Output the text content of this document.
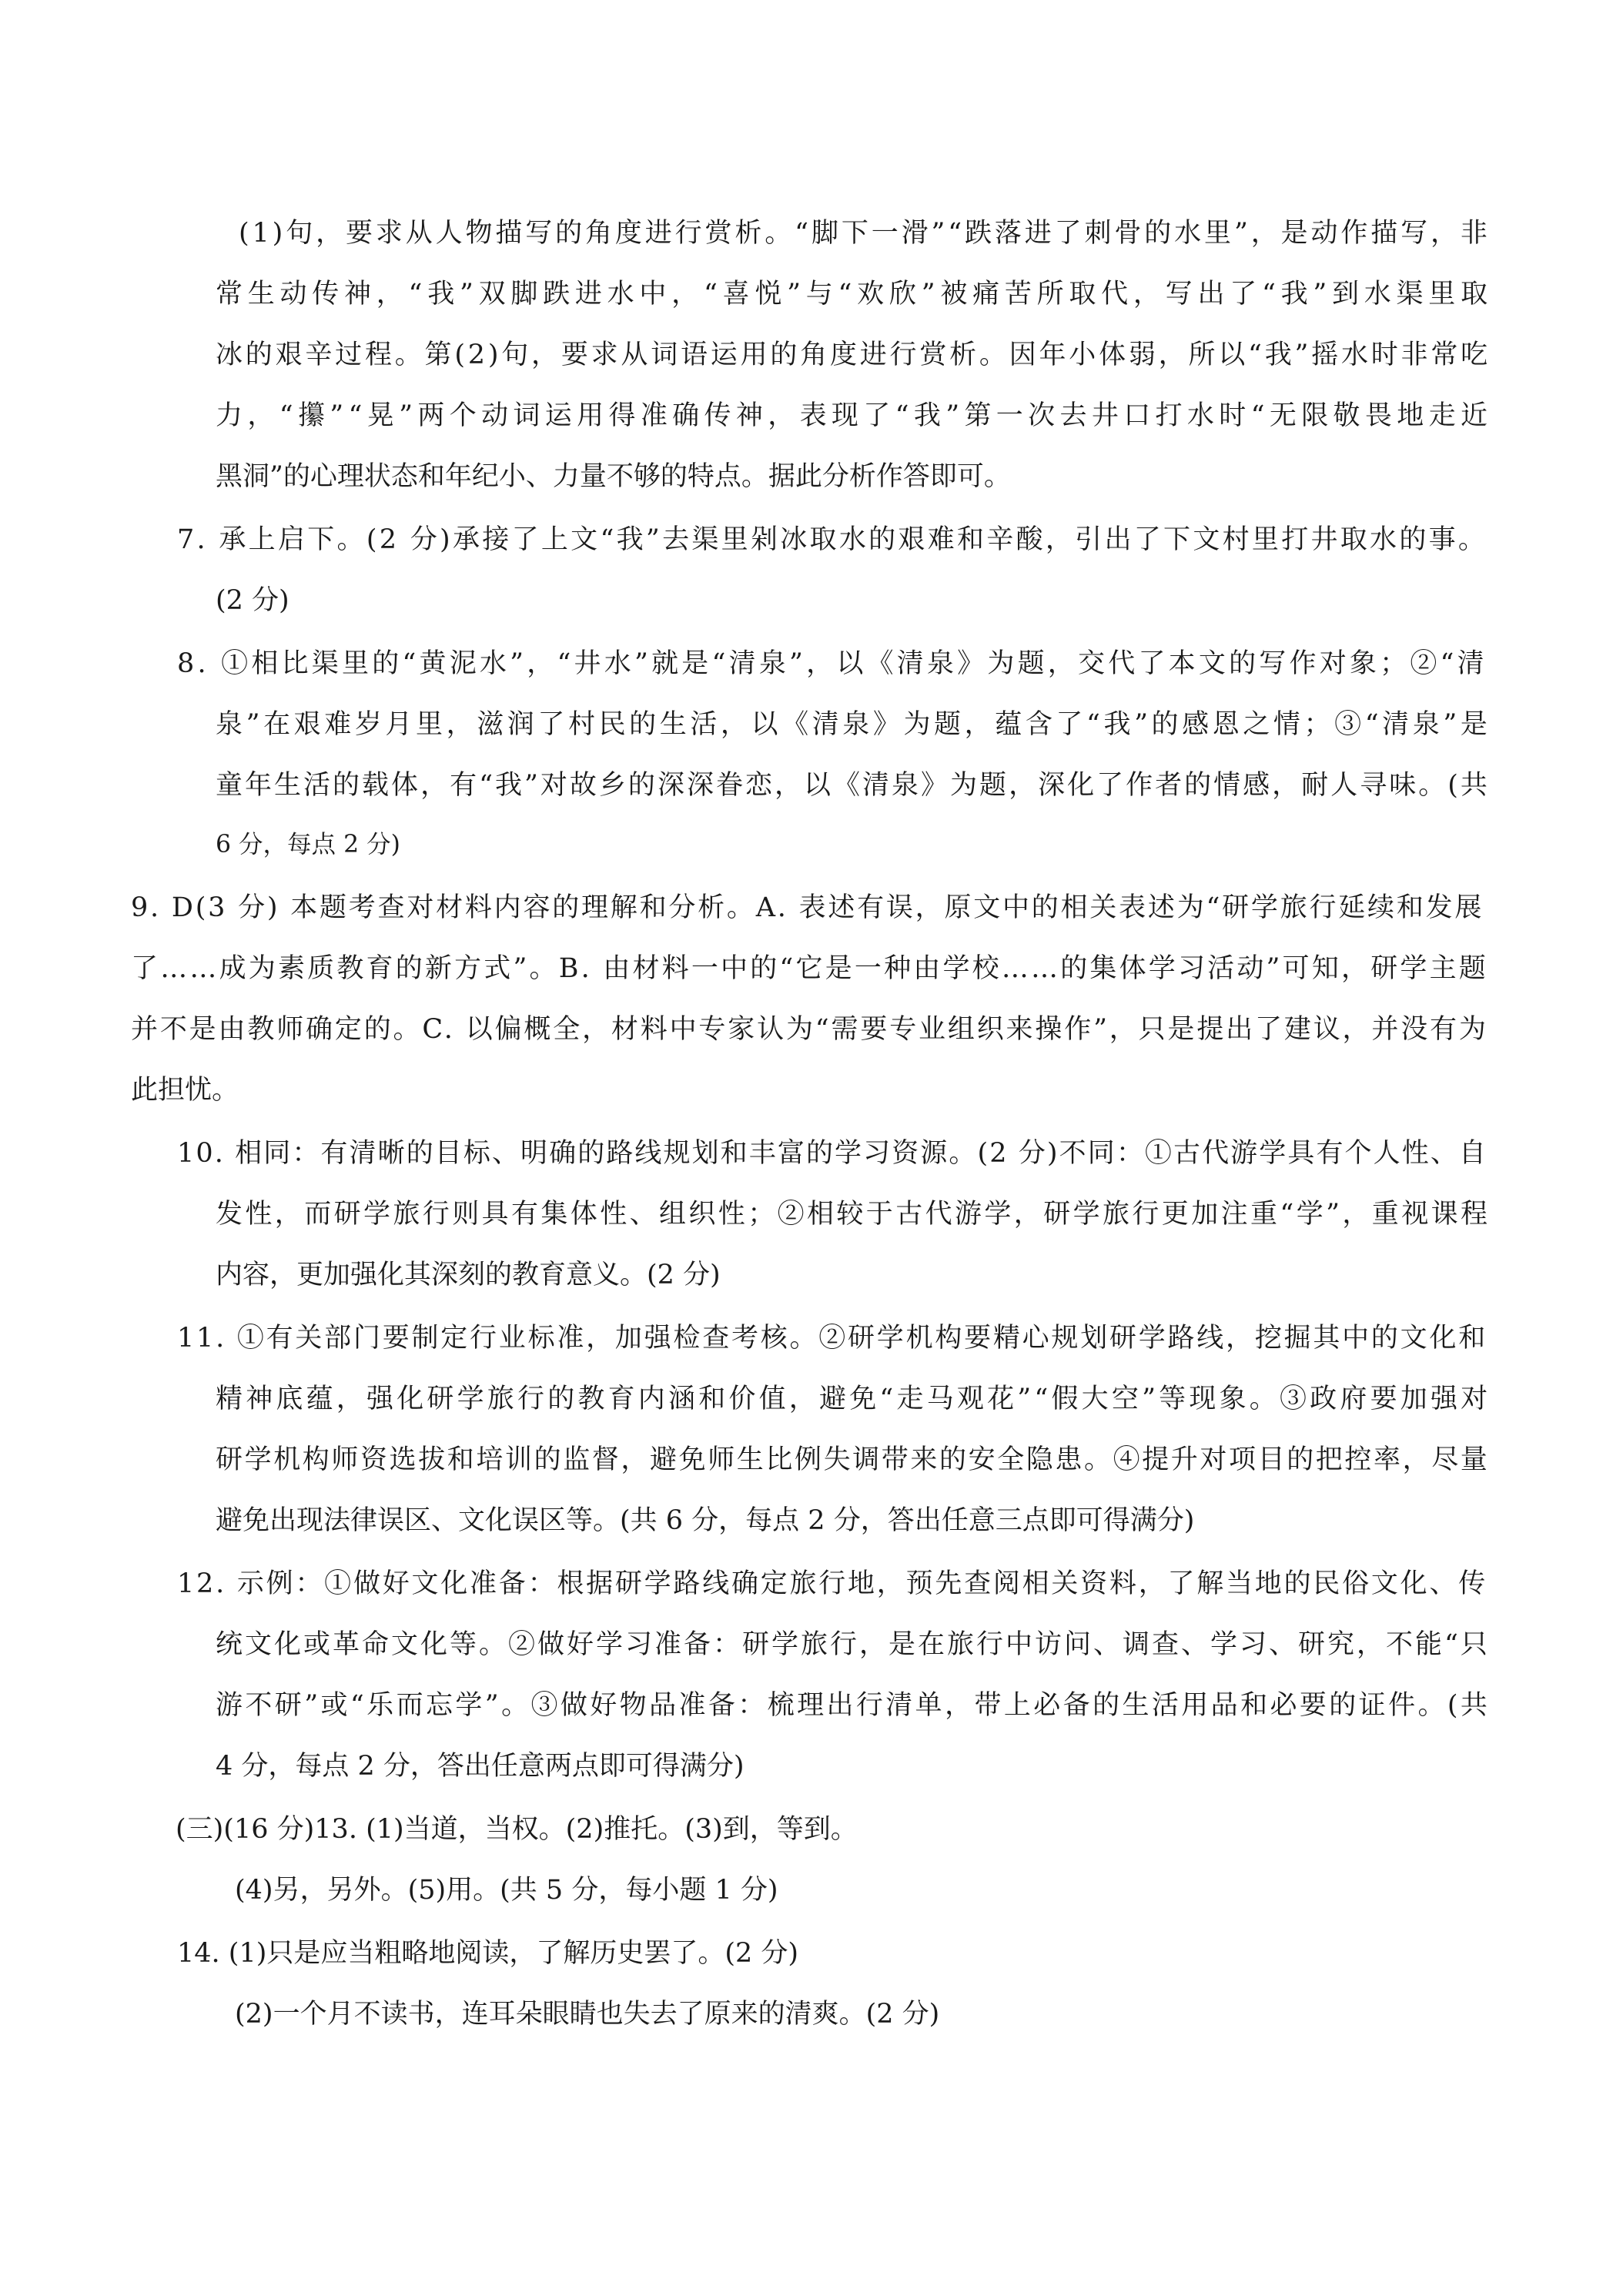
(1)句，要求从人物描写的角度进行赏析。“脚下一滑”“跌落进了刺骨的水里”，是动作描写，非
常生动传神，“我”双脚跌进水中，“喜悦”与“欢欣”被痛苦所取代，写出了“我”到水渠里取
冰的艰辛过程。第(2)句，要求从词语运用的角度进行赏析。因年小体弱，所以“我”摇水时非常吃
力，“攥”“晃”两个动词运用得准确传神，表现了“我”第一次去井口打水时“无限敬畏地走近
黑洞”的心理状态和年纪小、力量不够的特点。据此分析作答即可。
7. 承上启下。(2 分)承接了上文“我”去渠里剁冰取水的艰难和辛酸，引出了下文村里打井取水的事。
(2 分)
8. ①相比渠里的“黄泥水”，“井水”就是“清泉”，以《清泉》为题，交代了本文的写作对象；②“清
泉”在艰难岁月里，滋润了村民的生活，以《清泉》为题，蕴含了“我”的感恩之情；③“清泉”是
童年生活的载体，有“我”对故乡的深深眷恋，以《清泉》为题，深化了作者的情感，耐人寻味。(共
6 分，每点 2 分)
9. D(3 分) 本题考查对材料内容的理解和分析。A. 表述有误，原文中的相关表述为“研学旅行延续和发展
了……成为素质教育的新方式”。B. 由材料一中的“它是一种由学校……的集体学习活动”可知，研学主题
并不是由教师确定的。C. 以偏概全，材料中专家认为“需要专业组织来操作”，只是提出了建议，并没有为
此担忧。
10. 相同：有清晰的目标、明确的路线规划和丰富的学习资源。(2 分)不同：①古代游学具有个人性、自
发性，而研学旅行则具有集体性、组织性；②相较于古代游学，研学旅行更加注重“学”，重视课程
内容，更加强化其深刻的教育意义。(2 分)
11. ①有关部门要制定行业标准，加强检查考核。②研学机构要精心规划研学路线，挖掘其中的文化和
精神底蕴，强化研学旅行的教育内涵和价值，避免“走马观花”“假大空”等现象。③政府要加强对
研学机构师资选拔和培训的监督，避免师生比例失调带来的安全隐患。④提升对项目的把控率，尽量
避免出现法律误区、文化误区等。(共 6 分，每点 2 分，答出任意三点即可得满分)
12. 示例：①做好文化准备：根据研学路线确定旅行地，预先查阅相关资料，了解当地的民俗文化、传
统文化或革命文化等。②做好学习准备：研学旅行，是在旅行中访问、调查、学习、研究，不能“只
游不研”或“乐而忘学”。③做好物品准备：梳理出行清单，带上必备的生活用品和必要的证件。(共
4 分，每点 2 分，答出任意两点即可得满分)
(三)(16 分)13. (1)当道，当权。(2)推托。(3)到，等到。
(4)另，另外。(5)用。(共 5 分，每小题 1 分)
14. (1)只是应当粗略地阅读，了解历史罢了。(2 分)
(2)一个月不读书，连耳朵眼睛也失去了原来的清爽。(2 分)
